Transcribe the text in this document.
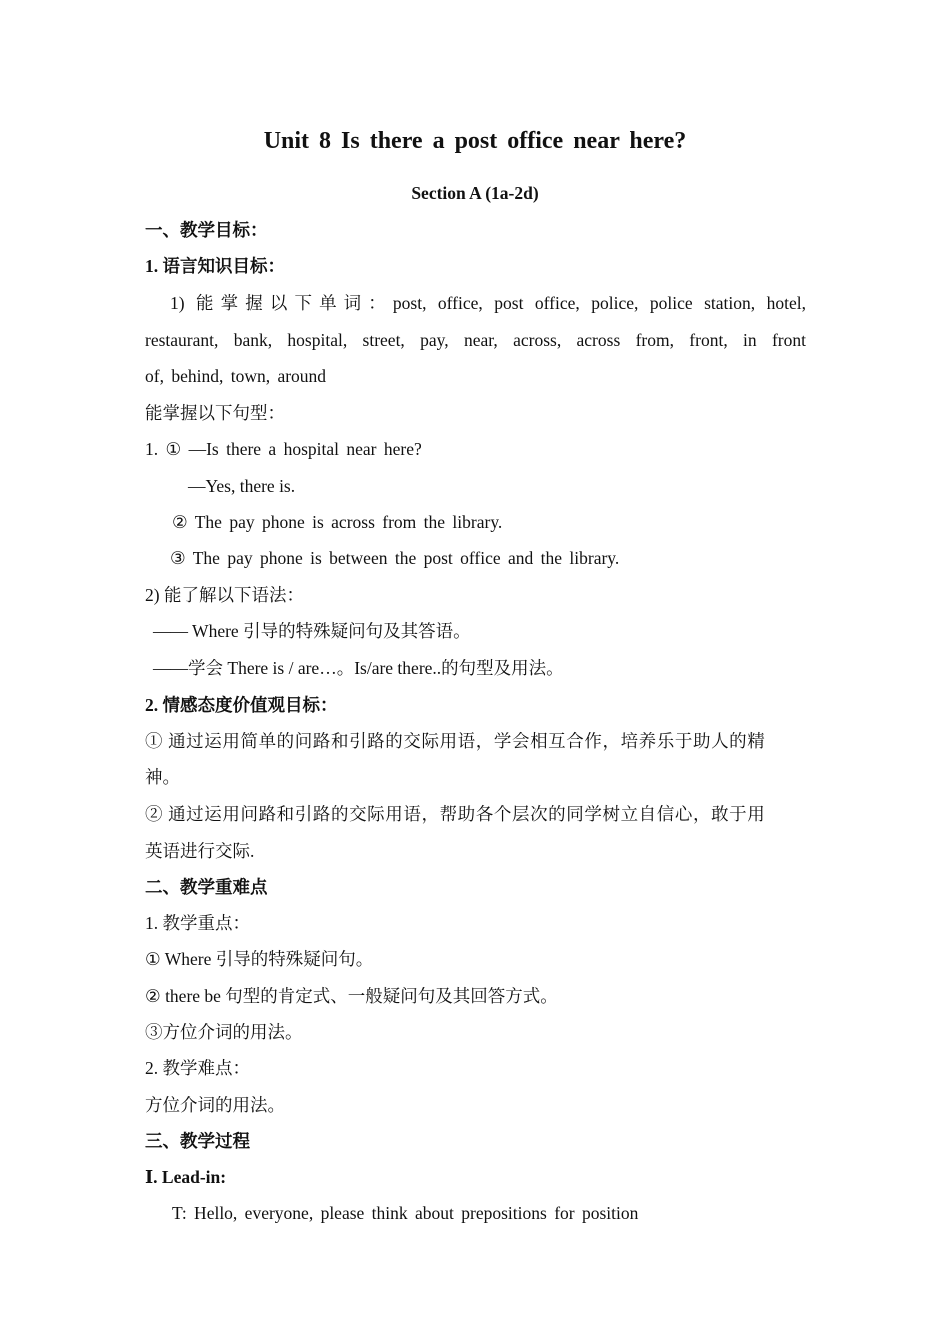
Unit 8 Is there a post office near here?
Section A (1a-2d)
一、教学目标：
1. 语言知识目标：
1) 能掌握以下单词：post, office, post office, police, police station, hotel,
restaurant, bank, hospital, street, pay, near, across, across from, front, in front
of, behind, town, around
能掌握以下句型：
1. ① —Is there a hospital near here?
—Yes, there is.
② The pay phone is across from the library.
③ The pay phone is between the post office and the library.
2) 能了解以下语法：
—— Where 引导的特殊疑问句及其答语。
——学会 There is / are…。Is/are there..的句型及用法。
2. 情感态度价值观目标：
① 通过运用简单的问路和引路的交际用语，学会相互合作，培养乐于助人的精
神。
② 通过运用问路和引路的交际用语，帮助各个层次的同学树立自信心，敢于用
英语进行交际.
二、教学重难点
1. 教学重点：
① Where 引导的特殊疑问句。
② there be 句型的肯定式、一般疑问句及其回答方式。
③方位介词的用法。
2. 教学难点：
方位介词的用法。
三、教学过程
Ⅰ. Lead-in:
T: Hello, everyone, please think about prepositions for position
